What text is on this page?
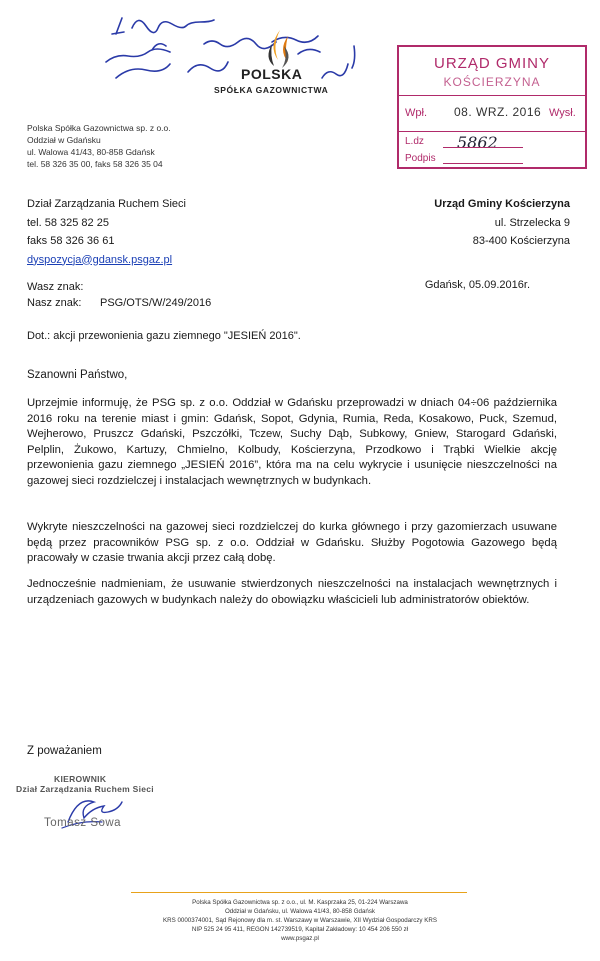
POLSKA
SPÓŁKA GAZOWNICTWA
URZĄD GMINY
KOŚCIERZYNA
Wpł. 08. WRZ. 2016 Wysł.
L.dz 5862
Podpis
Polska Spółka Gazownictwa sp. z o.o.
Oddział w Gdańsku
ul. Walowa 41/43, 80-858 Gdańsk
tel. 58 326 35 00, faks 58 326 35 04
Dział Zarządzania Ruchem Sieci
tel. 58 325 82 25
faks 58 326 36 61
dyspozycja@gdansk.psgaz.pl
Urząd Gminy Kościerzyna
ul. Strzelecka 9
83-400 Kościerzyna
Wasz znak:
Nasz znak: PSG/OTS/W/249/2016
Gdańsk, 05.09.2016r.
Dot.: akcji przewonienia gazu ziemnego "JESIEŃ 2016".
Szanowni Państwo,
Uprzejmie informuję, że PSG sp. z o.o. Oddział w Gdańsku przeprowadzi w dniach 04÷06 października 2016 roku na terenie miast i gmin: Gdańsk, Sopot, Gdynia, Rumia, Reda, Kosakowo, Puck, Szemud, Wejherowo, Pruszcz Gdański, Pszczółki, Tczew, Suchy Dąb, Subkowy, Gniew, Starogard Gdański, Pelplin, Żukowo, Kartuzy, Chmielno, Kolbudy, Kościerzyna, Przodkowo i Trąbki Wielkie akcję przewonienia gazu ziemnego „JESIEŃ 2016”, która ma na celu wykrycie i usunięcie nieszczelności na gazowej sieci rozdzielczej i instalacjach wewnętrznych w budynkach.
Wykryte nieszczelności na gazowej sieci rozdzielczej do kurka głównego i przy gazomierzach usuwane będą przez pracowników PSG sp. z o.o. Oddział w Gdańsku. Służby Pogotowia Gazowego będą pracowały w czasie trwania akcji przez całą dobę.
Jednocześnie nadmieniam, że usuwanie stwierdzonych nieszczelności na instalacjach wewnętrznych i urządzeniach gazowych w budynkach należy do obowiązku właścicieli lub administratorów obiektów.
Z poważaniem
KIEROWNIK
Dział Zarządzania Ruchem Sieci
Tomasz Sowa
Polska Spółka Gazownictwa sp. z o.o., ul. M. Kasprzaka 25, 01-224 Warszawa
Oddział w Gdańsku, ul. Walowa 41/43, 80-858 Gdańsk
KRS 0000374001, Sąd Rejonowy dla m. st. Warszawy w Warszawie, XII Wydział Gospodarczy KRS
NIP 525 24 95 411, REGON 142739519, Kapitał Zakładowy: 10 454 206 550 zł
www.psgaz.pl
